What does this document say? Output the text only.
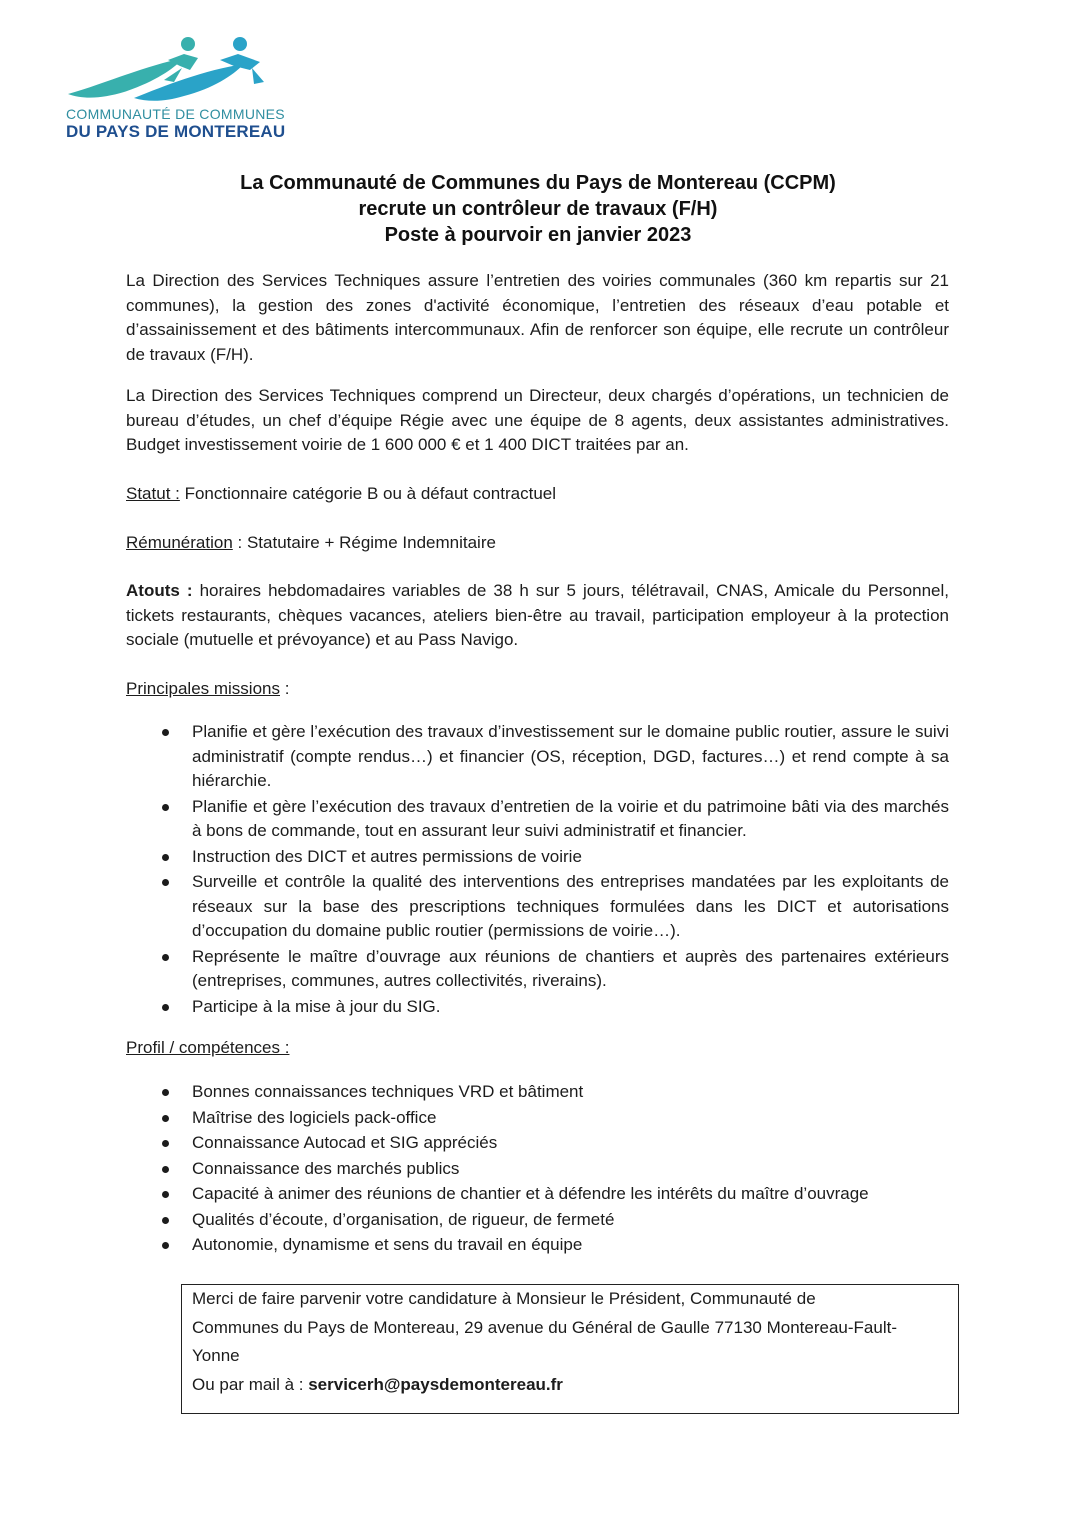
COMMUNAUTÉ DE COMMUNES
DU PAYS DE MONTEREAU
La Communauté de Communes du Pays de Montereau (CCPM)
recrute un contrôleur de travaux (F/H)
Poste à pourvoir en janvier 2023
La Direction des Services Techniques assure l’entretien des voiries communales (360 km repartis sur 21 communes), la gestion des zones d'activité économique, l’entretien des réseaux d’eau potable et d’assainissement et des bâtiments intercommunaux. Afin de renforcer son équipe, elle recrute un contrôleur de travaux (F/H).
La Direction des Services Techniques comprend un Directeur, deux chargés d’opérations, un technicien de bureau d’études, un chef d’équipe Régie avec une équipe de 8 agents, deux assistantes administratives. Budget investissement voirie de 1 600 000 € et 1 400 DICT traitées par an.
Statut : Fonctionnaire catégorie B ou à défaut contractuel
Rémunération : Statutaire + Régime Indemnitaire
Atouts : horaires hebdomadaires variables de 38 h sur 5 jours, télétravail, CNAS, Amicale du Personnel, tickets restaurants, chèques vacances, ateliers bien-être au travail, participation employeur à la protection sociale (mutuelle et prévoyance) et au Pass Navigo.
Principales missions :
Planifie et gère l’exécution des travaux d’investissement sur le domaine public routier, assure le suivi administratif (compte rendus…) et financier (OS, réception, DGD, factures…) et rend compte à sa hiérarchie.
Planifie et gère l’exécution des travaux d’entretien de la voirie et du patrimoine bâti via des marchés à bons de commande, tout en assurant leur suivi administratif et financier.
Instruction des DICT et autres permissions de voirie
Surveille et contrôle la qualité des interventions des entreprises mandatées par les exploitants de réseaux sur la base des prescriptions techniques formulées dans les DICT et autorisations d’occupation du domaine public routier (permissions de voirie…).
Représente le maître d’ouvrage aux réunions de chantiers et auprès des partenaires extérieurs (entreprises, communes, autres collectivités, riverains).
Participe à la mise à jour du SIG.
Profil / compétences :
Bonnes connaissances techniques VRD et bâtiment
Maîtrise des logiciels pack-office
Connaissance Autocad et SIG appréciés
Connaissance des marchés publics
Capacité à animer des réunions de chantier et à défendre les intérêts du maître d’ouvrage
Qualités d’écoute, d’organisation, de rigueur, de fermeté
Autonomie, dynamisme et sens du travail en équipe
Merci de faire parvenir votre candidature à Monsieur le Président, Communauté de
Communes du Pays de Montereau, 29 avenue du Général de Gaulle 77130 Montereau-Fault-
Yonne
Ou par mail à : servicerh@paysdemontereau.fr
